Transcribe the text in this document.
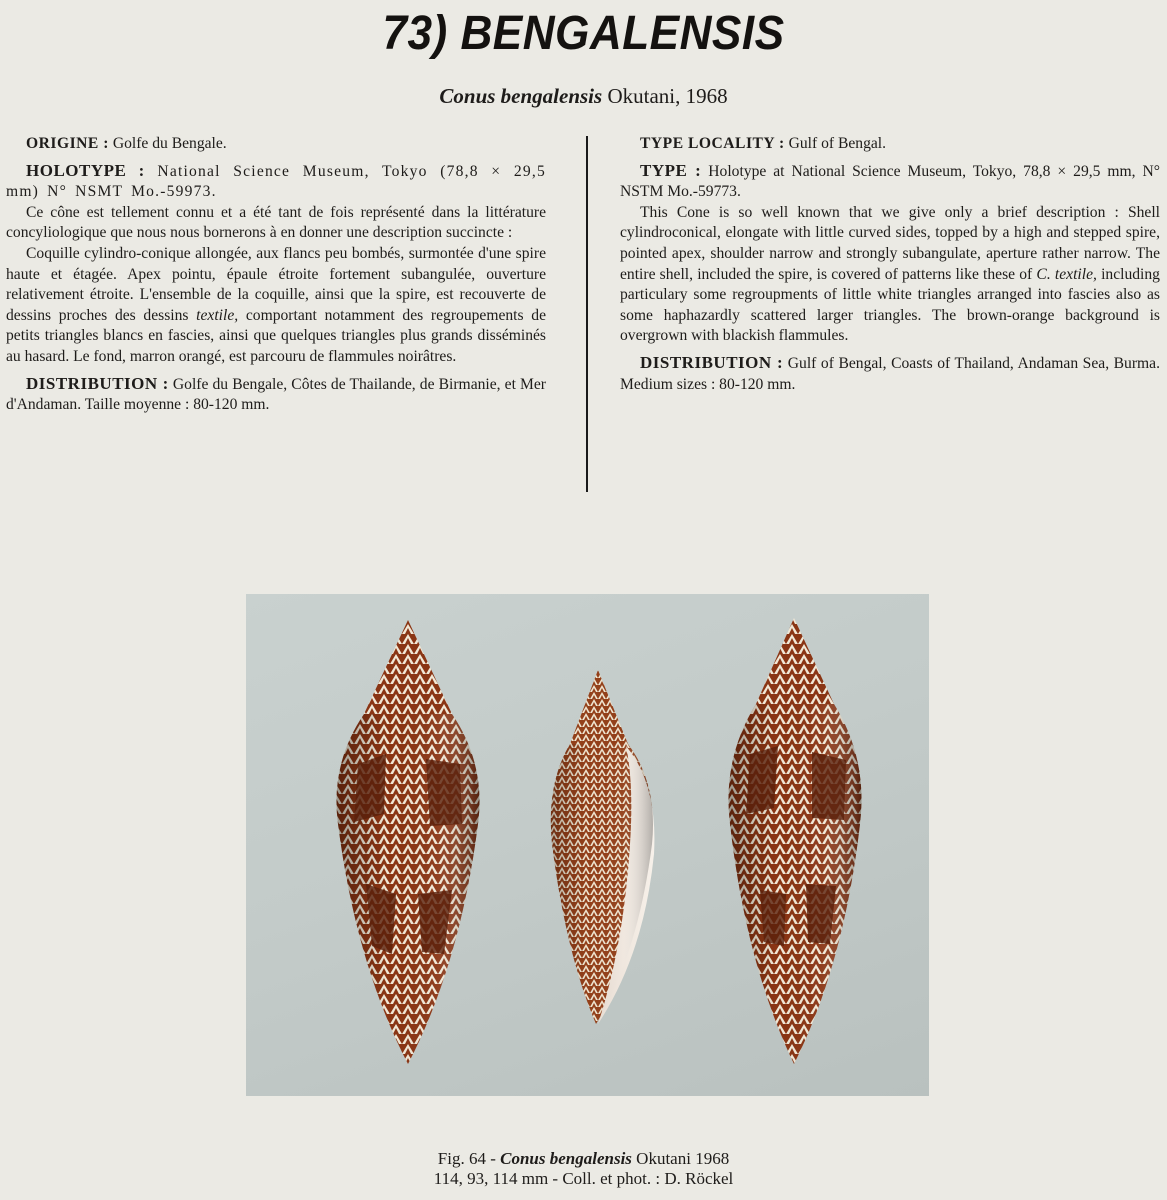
73) BENGALENSIS
Conus bengalensis Okutani, 1968

ORIGINE : Golfe du Bengale.

HOLOTYPE : National Science Museum, Tokyo (78,8 × 29,5 mm) N° NSMT Mo.-59973.

Ce cône est tellement connu et a été tant de fois représenté dans la littérature concyliologique que nous nous bornerons à en donner une description succincte :

Coquille cylindro-conique allongée, aux flancs peu bombés, surmontée d'une spire haute et étagée. Apex pointu, épaule étroite fortement subangulée, ouverture relativement étroite. L'ensemble de la coquille, ainsi que la spire, est recouverte de dessins proches des dessins textile, comportant notamment des regroupements de petits triangles blancs en fascies, ainsi que quelques triangles plus grands disséminés au hasard. Le fond, marron orangé, est parcouru de flammules noirâtres.

DISTRIBUTION : Golfe du Bengale, Côtes de Thailande, de Birmanie, et Mer d'Andaman. Taille moyenne : 80-120 mm.

TYPE LOCALITY : Gulf of Bengal.

TYPE : Holotype at National Science Museum, Tokyo, 78,8 × 29,5 mm, N° NSTM Mo.-59773.

This Cone is so well known that we give only a brief description : Shell cylindroconical, elongate with little curved sides, topped by a high and stepped spire, pointed apex, shoulder narrow and strongly subangulate, aperture rather narrow. The entire shell, included the spire, is covered of patterns like these of C. textile, including particulary some regroupments of little white triangles arranged into fascies also as some haphazardly scattered larger triangles. The brown-orange background is overgrown with blackish flammules.

DISTRIBUTION : Gulf of Bengal, Coasts of Thailand, Andaman Sea, Burma. Medium sizes : 80-120 mm.

Fig. 64 - Conus bengalensis Okutani 1968
114, 93, 114 mm - Coll. et phot. : D. Röckel
